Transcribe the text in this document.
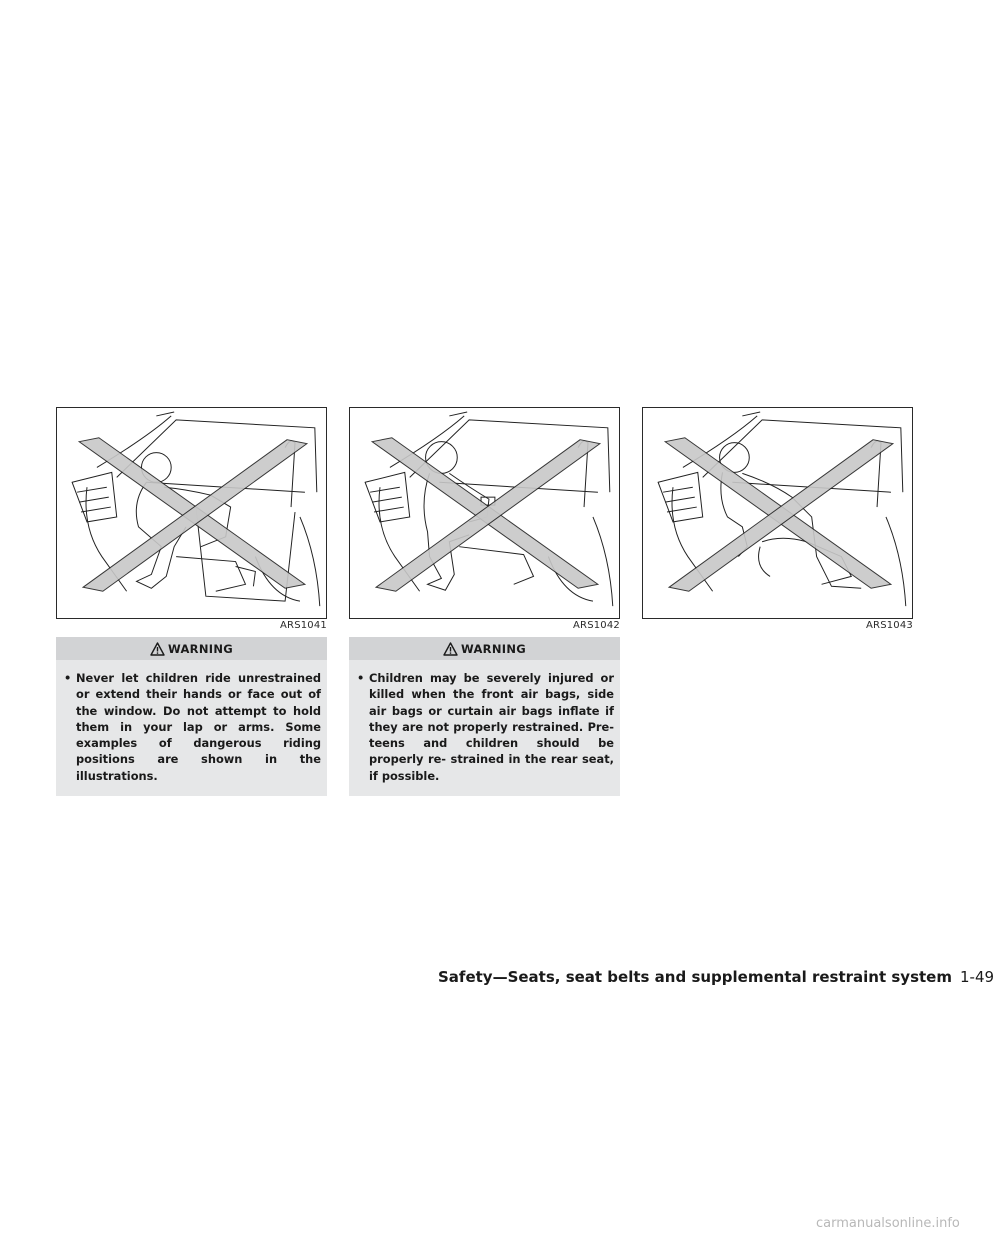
ARS1041	ARS1042	ARS1043
WARNING
• Never let children ride unrestrained or extend their hands or face out of the window. Do not attempt to hold them in your lap or arms. Some examples of dangerous riding positions are shown in the illustrations.
WARNING
• Children may be severely injured or killed when the front air bags, side air bags or curtain air bags inflate if they are not properly restrained. Pre-teens and children should be properly re- strained in the rear seat, if possible.
Safety—Seats, seat belts and supplemental restraint system 1-49
carmanualsonline.info
